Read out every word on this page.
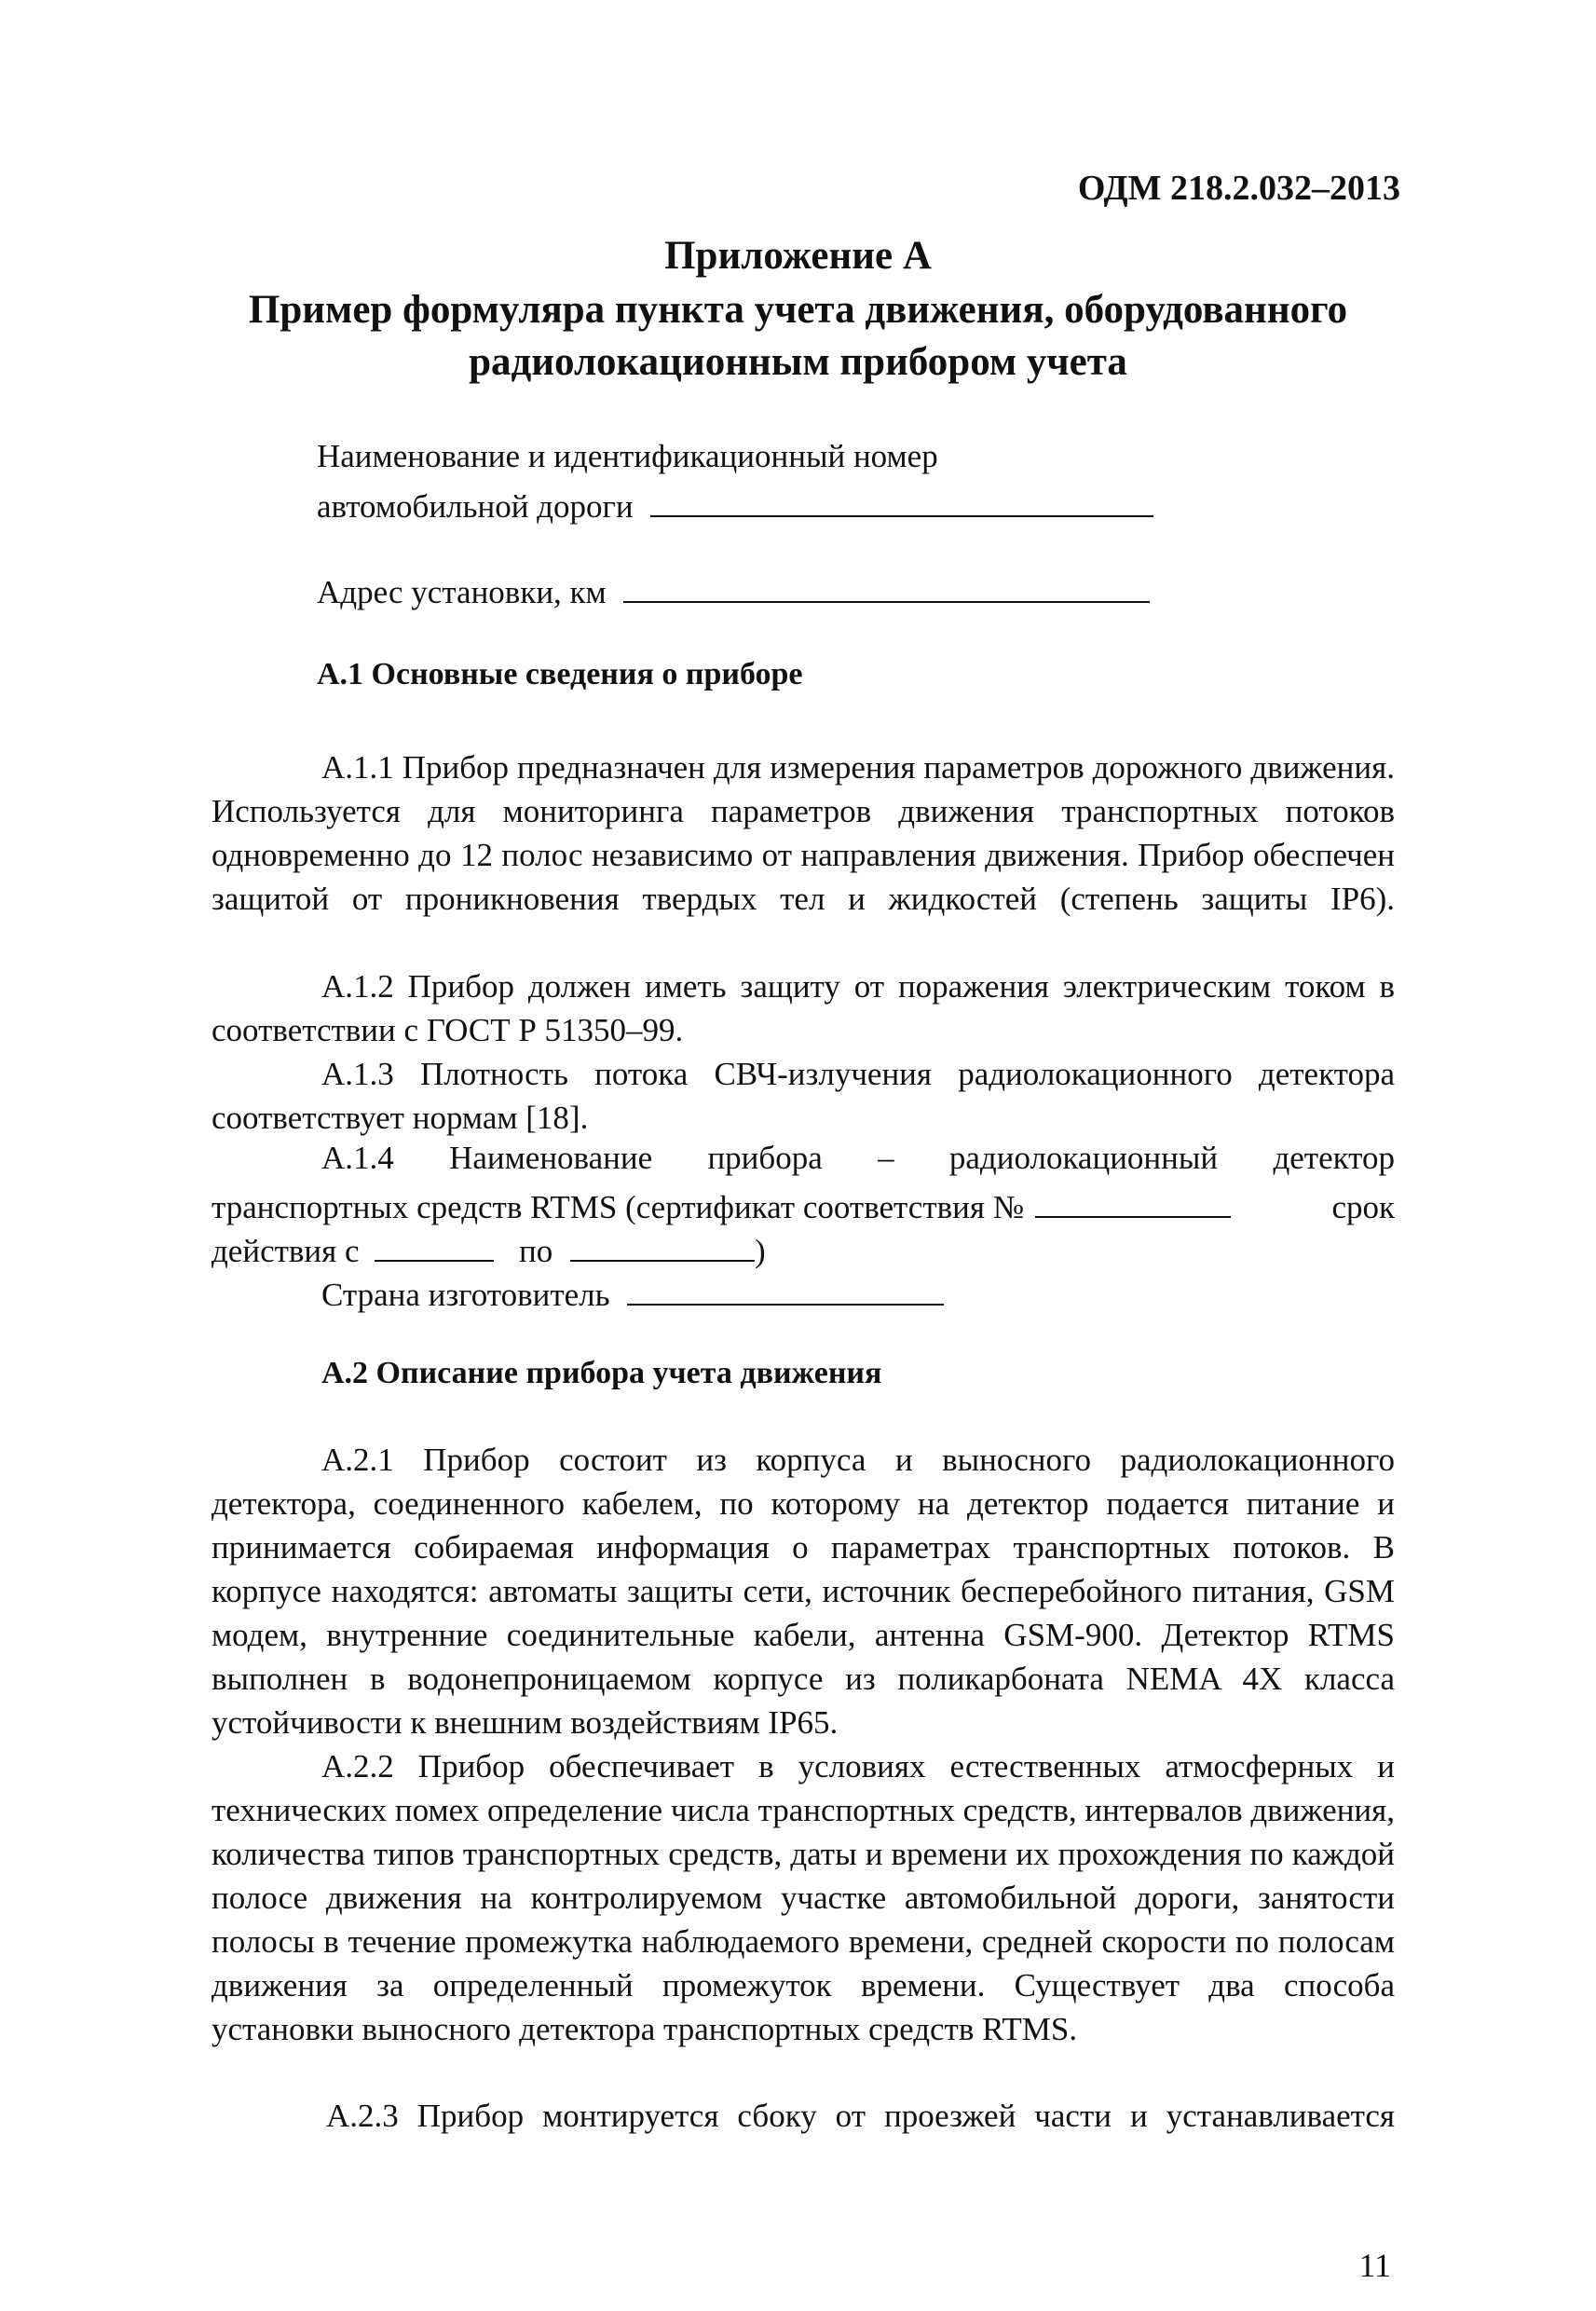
ОДМ 218.2.032–2013
Приложение А
Пример формуляра пункта учета движения, оборудованного
радиолокационным прибором учета
Наименование и идентификационный номер
автомобильной дороги
Адрес установки, км
А.1 Основные сведения о приборе
А.1.1 Прибор предназначен для измерения параметров дорожного движения. Используется для мониторинга параметров движения транспортных потоков одновременно до 12 полос независимо от направления движения. Прибор обеспечен защитой от проникновения твердых тел и жидкостей (степень защиты IP6).
А.1.2 Прибор должен иметь защиту от поражения электрическим током в соответствии с ГОСТ Р 51350–99.
А.1.3 Плотность потока СВЧ-излучения радиолокационного детектора соответствует нормам [18].
А.1.4 Наименование прибора – радиолокационный детектор
транспортных средств RTMS (сертификат соответствия №	срок
действия с	по	)
Страна изготовитель
А.2 Описание прибора учета движения
А.2.1 Прибор состоит из корпуса и выносного радиолокационного детектора, соединенного кабелем, по которому на детектор подается питание и принимается собираемая информация о параметрах транспортных потоков. В корпусе находятся: автоматы защиты сети, источник бесперебойного питания, GSM модем, внутренние соединительные кабели, антенна GSM-900. Детектор RTMS выполнен в водонепроницаемом корпусе из поликарбоната NEMA 4X класса устойчивости к внешним воздействиям IP65.
А.2.2 Прибор обеспечивает в условиях естественных атмосферных и технических помех определение числа транспортных средств, интервалов движения, количества типов транспортных средств, даты и времени их прохождения по каждой полосе движения на контролируемом участке автомобильной дороги, занятости полосы в течение промежутка наблюдаемого времени, средней скорости по полосам движения за определенный промежуток времени. Существует два способа установки выносного детектора транспортных средств RTMS.
А.2.3 Прибор монтируется сбоку от проезжей части и устанавливается
11
